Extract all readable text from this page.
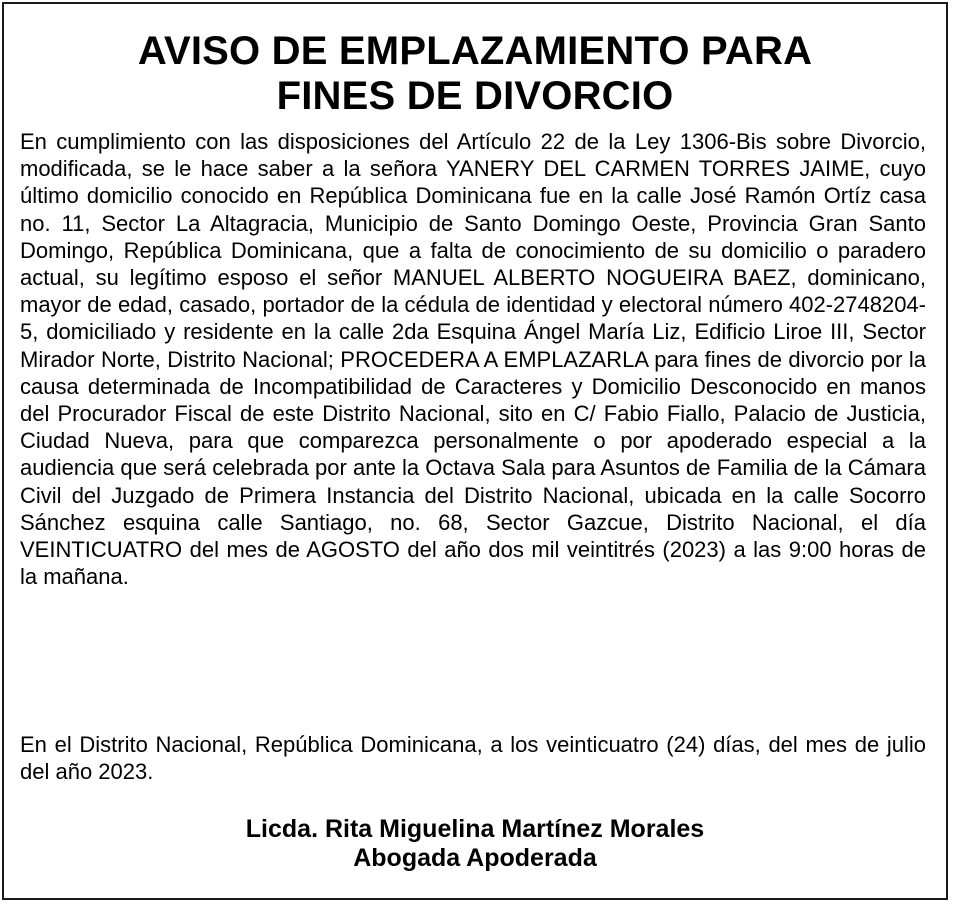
AVISO DE EMPLAZAMIENTO PARA
FINES DE DIVORCIO

En cumplimiento con las disposiciones del Artículo 22 de la Ley 1306-Bis sobre Divorcio, modificada, se le hace saber a la señora YANERY DEL CARMEN TORRES JAIME, cuyo último domicilio conocido en República Dominicana fue en la calle José Ramón Ortíz casa no. 11, Sector La Altagracia, Municipio de Santo Domingo Oeste, Provincia Gran Santo Domingo, República Dominicana, que a falta de conocimiento de su domicilio o paradero actual, su legítimo esposo el señor MANUEL ALBERTO NOGUEIRA BAEZ, dominicano, mayor de edad, casado, portador de la cédula de identidad y electoral número 402-2748204-5, domiciliado y residente en la calle 2da Esquina Ángel María Liz, Edificio Liroe III, Sector Mirador Norte, Distrito Nacional; PROCEDERA A EMPLAZARLA para fines de divorcio por la causa determinada de Incompatibilidad de Caracteres y Domicilio Desconocido en manos del Procurador Fiscal de este Distrito Nacional, sito en C/ Fabio Fiallo, Palacio de Justicia, Ciudad Nueva, para que comparezca personalmente o por apoderado especial a la audiencia que será celebrada por ante la Octava Sala para Asuntos de Familia de la Cámara Civil del Juzgado de Primera Instancia del Distrito Nacional, ubicada en la calle Socorro Sánchez esquina calle Santiago, no. 68, Sector Gazcue, Distrito Nacional, el día VEINTICUATRO del mes de AGOSTO del año dos mil veintitrés (2023) a las 9:00 horas de la mañana.

En el Distrito Nacional, República Dominicana, a los veinticuatro (24) días, del mes de julio del año 2023.

Licda. Rita Miguelina Martínez Morales
Abogada Apoderada
